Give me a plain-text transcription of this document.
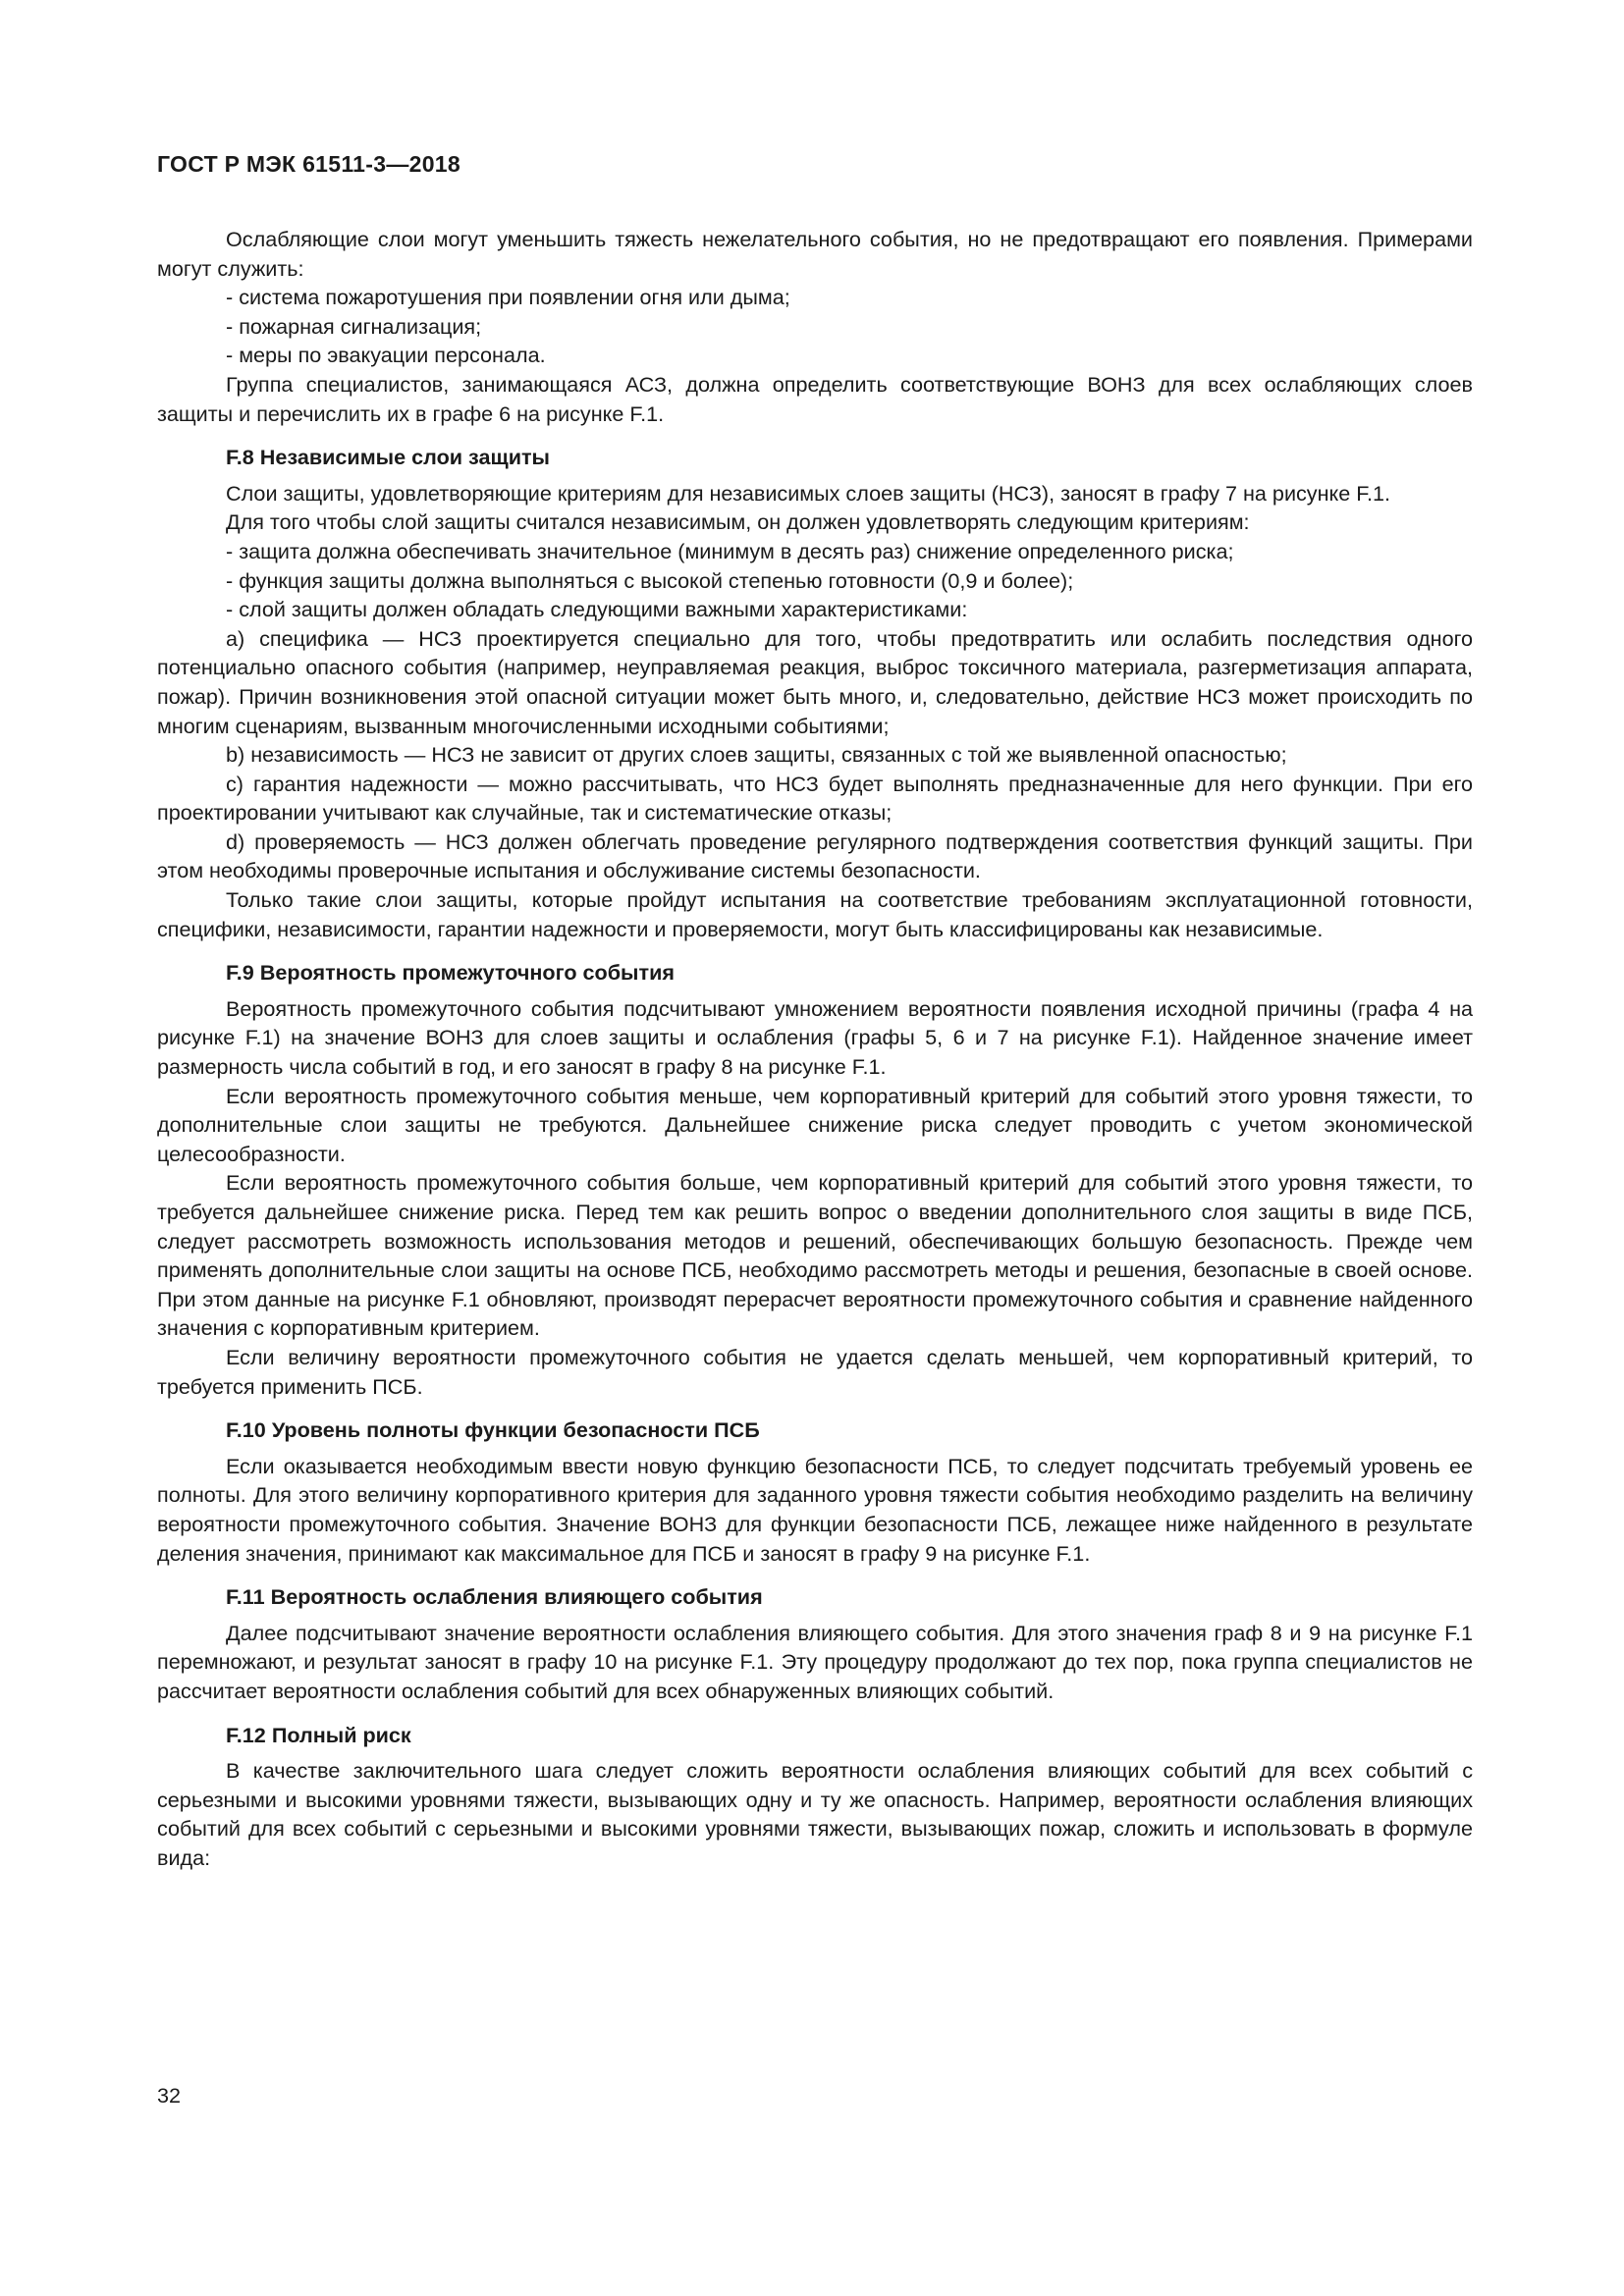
ГОСТ Р МЭК 61511-3—2018

Ослабляющие слои могут уменьшить тяжесть нежелательного события, но не предотвращают его появления. Примерами могут служить:

- система пожаротушения при появлении огня или дыма;

- пожарная сигнализация;

- меры по эвакуации персонала.

Группа специалистов, занимающаяся АСЗ, должна определить соответствующие ВОНЗ для всех ослабляющих слоев защиты и перечислить их в графе 6 на рисунке F.1.

F.8 Независимые слои защиты

Слои защиты, удовлетворяющие критериям для независимых слоев защиты (НСЗ), заносят в графу 7 на рисунке F.1.

Для того чтобы слой защиты считался независимым, он должен удовлетворять следующим критериям:

- защита должна обеспечивать значительное (минимум в десять раз) снижение определенного риска;

- функция защиты должна выполняться с высокой степенью готовности (0,9 и более);

- слой защиты должен обладать следующими важными характеристиками:

a) специфика — НСЗ проектируется специально для того, чтобы предотвратить или ослабить последствия одного потенциально опасного события (например, неуправляемая реакция, выброс токсичного материала, разгерметизация аппарата, пожар). Причин возникновения этой опасной ситуации может быть много, и, следовательно, действие НСЗ может происходить по многим сценариям, вызванным многочисленными исходными событиями;

b) независимость — НСЗ не зависит от других слоев защиты, связанных с той же выявленной опасностью;

c) гарантия надежности — можно рассчитывать, что НСЗ будет выполнять предназначенные для него функции. При его проектировании учитывают как случайные, так и систематические отказы;

d) проверяемость — НСЗ должен облегчать проведение регулярного подтверждения соответствия функций защиты. При этом необходимы проверочные испытания и обслуживание системы безопасности.

Только такие слои защиты, которые пройдут испытания на соответствие требованиям эксплуатационной готовности, специфики, независимости, гарантии надежности и проверяемости, могут быть классифицированы как независимые.

F.9 Вероятность промежуточного события

Вероятность промежуточного события подсчитывают умножением вероятности появления исходной причины (графа 4 на рисунке F.1) на значение ВОНЗ для слоев защиты и ослабления (графы 5, 6 и 7 на рисунке F.1). Найденное значение имеет размерность числа событий в год, и его заносят в графу 8 на рисунке F.1.

Если вероятность промежуточного события меньше, чем корпоративный критерий для событий этого уровня тяжести, то дополнительные слои защиты не требуются. Дальнейшее снижение риска следует проводить с учетом экономической целесообразности.

Если вероятность промежуточного события больше, чем корпоративный критерий для событий этого уровня тяжести, то требуется дальнейшее снижение риска. Перед тем как решить вопрос о введении дополнительного слоя защиты в виде ПСБ, следует рассмотреть возможность использования методов и решений, обеспечивающих большую безопасность. Прежде чем применять дополнительные слои защиты на основе ПСБ, необходимо рассмотреть методы и решения, безопасные в своей основе. При этом данные на рисунке F.1 обновляют, производят перерасчет вероятности промежуточного события и сравнение найденного значения с корпоративным критерием.

Если величину вероятности промежуточного события не удается сделать меньшей, чем корпоративный критерий, то требуется применить ПСБ.

F.10 Уровень полноты функции безопасности ПСБ

Если оказывается необходимым ввести новую функцию безопасности ПСБ, то следует подсчитать требуемый уровень ее полноты. Для этого величину корпоративного критерия для заданного уровня тяжести события необходимо разделить на величину вероятности промежуточного события. Значение ВОНЗ для функции безопасности ПСБ, лежащее ниже найденного в результате деления значения, принимают как максимальное для ПСБ и заносят в графу 9 на рисунке F.1.

F.11 Вероятность ослабления влияющего события

Далее подсчитывают значение вероятности ослабления влияющего события. Для этого значения граф 8 и 9 на рисунке F.1 перемножают, и результат заносят в графу 10 на рисунке F.1. Эту процедуру продолжают до тех пор, пока группа специалистов не рассчитает вероятности ослабления событий для всех обнаруженных влияющих событий.

F.12 Полный риск

В качестве заключительного шага следует сложить вероятности ослабления влияющих событий для всех событий с серьезными и высокими уровнями тяжести, вызывающих одну и ту же опасность. Например, вероятности ослабления влияющих событий для всех событий с серьезными и высокими уровнями тяжести, вызывающих пожар, сложить и использовать в формуле вида:

32
